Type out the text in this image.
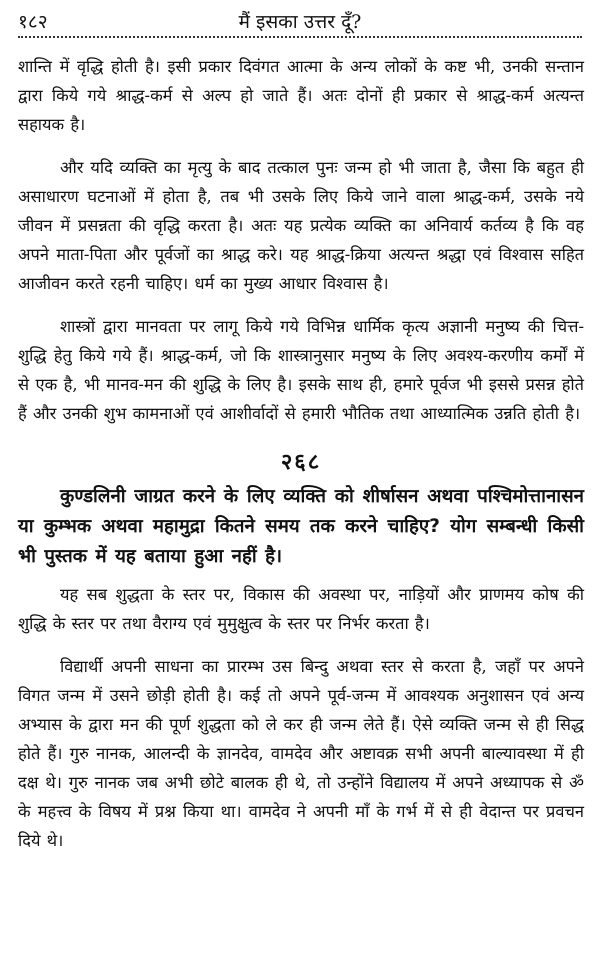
१८२	मैं इसका उत्तर दूँ?

शान्ति में वृद्धि होती है। इसी प्रकार दिवंगत आत्मा के अन्य लोकों के कष्ट भी, उनकी सन्तान द्वारा किये गये श्राद्ध-कर्म से अल्प हो जाते हैं। अतः दोनों ही प्रकार से श्राद्ध-कर्म अत्यन्त सहायक है।

और यदि व्यक्ति का मृत्यु के बाद तत्काल पुनः जन्म हो भी जाता है, जैसा कि बहुत ही असाधारण घटनाओं में होता है, तब भी उसके लिए किये जाने वाला श्राद्ध-कर्म, उसके नये जीवन में प्रसन्नता की वृद्धि करता है। अतः यह प्रत्येक व्यक्ति का अनिवार्य कर्तव्य है कि वह अपने माता-पिता और पूर्वजों का श्राद्ध करे। यह श्राद्ध-क्रिया अत्यन्त श्रद्धा एवं विश्वास सहित आजीवन करते रहनी चाहिए। धर्म का मुख्य आधार विश्वास है।

शास्त्रों द्वारा मानवता पर लागू किये गये विभिन्न धार्मिक कृत्य अज्ञानी मनुष्य की चित्त-शुद्धि हेतु किये गये हैं। श्राद्ध-कर्म, जो कि शास्त्रानुसार मनुष्य के लिए अवश्य-करणीय कर्मों में से एक है, भी मानव-मन की शुद्धि के लिए है। इसके साथ ही, हमारे पूर्वज भी इससे प्रसन्न होते हैं और उनकी शुभ कामनाओं एवं आशीर्वादों से हमारी भौतिक तथा आध्यात्मिक उन्नति होती है।

२६८
कुण्डलिनी जाग्रत करने के लिए व्यक्ति को शीर्षासन अथवा पश्चिमोत्तानासन या कुम्भक अथवा महामुद्रा कितने समय तक करने चाहिए? योग सम्बन्धी किसी भी पुस्तक में यह बताया हुआ नहीं है।

यह सब शुद्धता के स्तर पर, विकास की अवस्था पर, नाड़ियों और प्राणमय कोष की शुद्धि के स्तर पर तथा वैराग्य एवं मुमुक्षुत्व के स्तर पर निर्भर करता है।

विद्यार्थी अपनी साधना का प्रारम्भ उस बिन्दु अथवा स्तर से करता है, जहाँ पर अपने विगत जन्म में उसने छोड़ी होती है। कई तो अपने पूर्व-जन्म में आवश्यक अनुशासन एवं अन्य अभ्यास के द्वारा मन की पूर्ण शुद्धता को ले कर ही जन्म लेते हैं। ऐसे व्यक्ति जन्म से ही सिद्ध होते हैं। गुरु नानक, आलन्दी के ज्ञानदेव, वामदेव और अष्टावक्र सभी अपनी बाल्यावस्था में ही दक्ष थे। गुरु नानक जब अभी छोटे बालक ही थे, तो उन्होंने विद्यालय में अपने अध्यापक से ॐ के महत्त्व के विषय में प्रश्न किया था। वामदेव ने अपनी माँ के गर्भ में से ही वेदान्त पर प्रवचन दिये थे।
